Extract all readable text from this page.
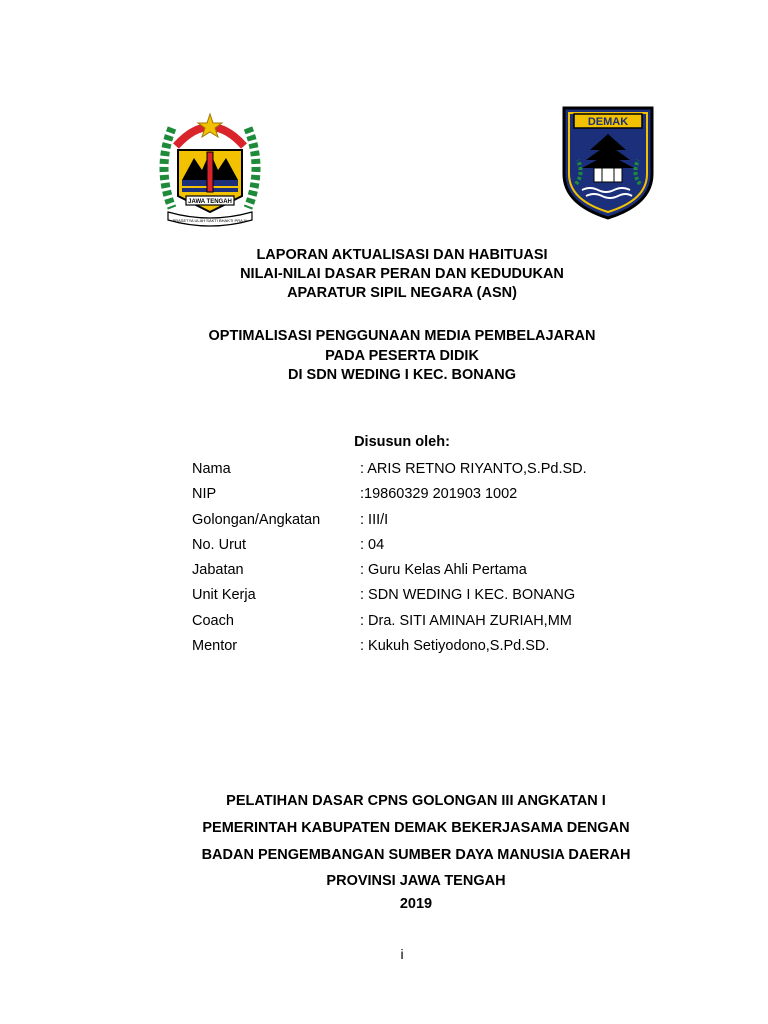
JAWA TENGAH
PRASETYA ULAH SAKTI BHAKTI PRAJA
DEMAK
LAPORAN AKTUALISASI DAN HABITUASI
NILAI-NILAI DASAR PERAN DAN KEDUDUKAN
APARATUR SIPIL NEGARA (ASN)
OPTIMALISASI PENGGUNAAN MEDIA PEMBELAJARAN
PADA PESERTA DIDIK
DI SDN WEDING I KEC. BONANG
Disusun oleh:
Nama	: ARIS RETNO RIYANTO,S.Pd.SD.
NIP	:19860329 201903 1002
Golongan/Angkatan	: III/I
No. Urut	: 04
Jabatan	: Guru Kelas Ahli Pertama
Unit Kerja	: SDN WEDING I KEC. BONANG
Coach	: Dra. SITI AMINAH ZURIAH,MM
Mentor	: Kukuh Setiyodono,S.Pd.SD.
PELATIHAN DASAR CPNS GOLONGAN III ANGKATAN I
PEMERINTAH KABUPATEN DEMAK BEKERJASAMA DENGAN
BADAN PENGEMBANGAN SUMBER DAYA MANUSIA DAERAH
PROVINSI JAWA TENGAH
2019
i
